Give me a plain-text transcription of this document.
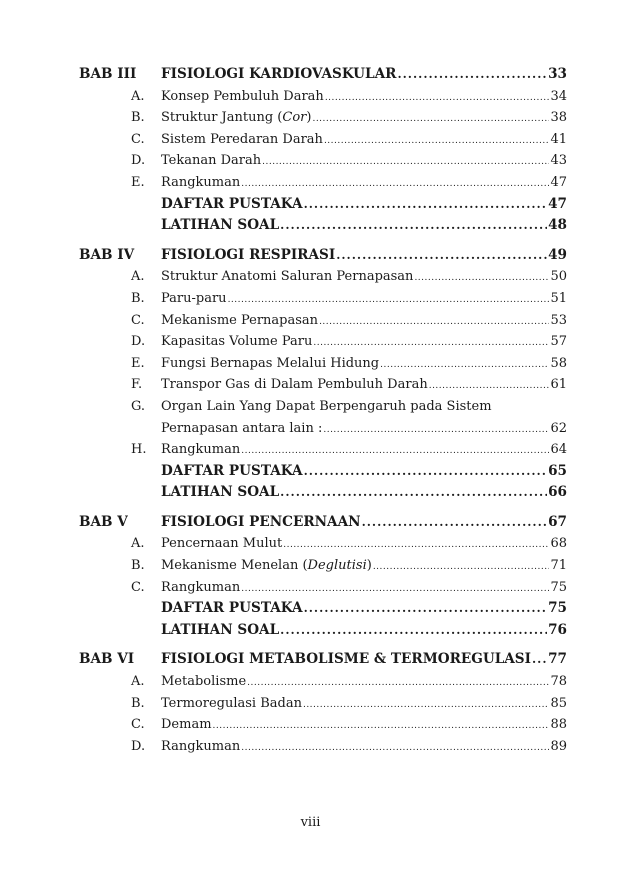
BAB III	FISIOLOGI KARDIOVASKULAR .....	33
A.	Konsep Pembuluh Darah .....	34
B.	Struktur Jantung (Cor) .....	38
C.	Sistem Peredaran Darah .....	41
D.	Tekanan Darah .....	43
E.	Rangkuman .....	47
DAFTAR PUSTAKA .....	47
LATIHAN SOAL .....	48
BAB IV	FISIOLOGI RESPIRASI .....	49
A.	Struktur Anatomi Saluran Pernapasan .....	50
B.	Paru-paru .....	51
C.	Mekanisme Pernapasan .....	53
D.	Kapasitas Volume Paru .....	57
E.	Fungsi Bernapas Melalui Hidung .....	58
F.	Transpor Gas di Dalam Pembuluh Darah .....	61
G.	Organ Lain Yang Dapat Berpengaruh pada Sistem
Pernapasan antara lain : .....	62
H.	Rangkuman .....	64
DAFTAR PUSTAKA .....	65
LATIHAN SOAL .....	66
BAB V	FISIOLOGI PENCERNAAN .....	67
A.	Pencernaan Mulut .....	68
B.	Mekanisme Menelan (Deglutisi) .....	71
C.	Rangkuman .....	75
DAFTAR PUSTAKA .....	75
LATIHAN SOAL .....	76
BAB VI	FISIOLOGI METABOLISME & TERMOREGULASI ..... 77
A.	Metabolisme .....	78
B.	Termoregulasi Badan .....	85
C.	Demam .....	88
D.	Rangkuman .....	89
viii
